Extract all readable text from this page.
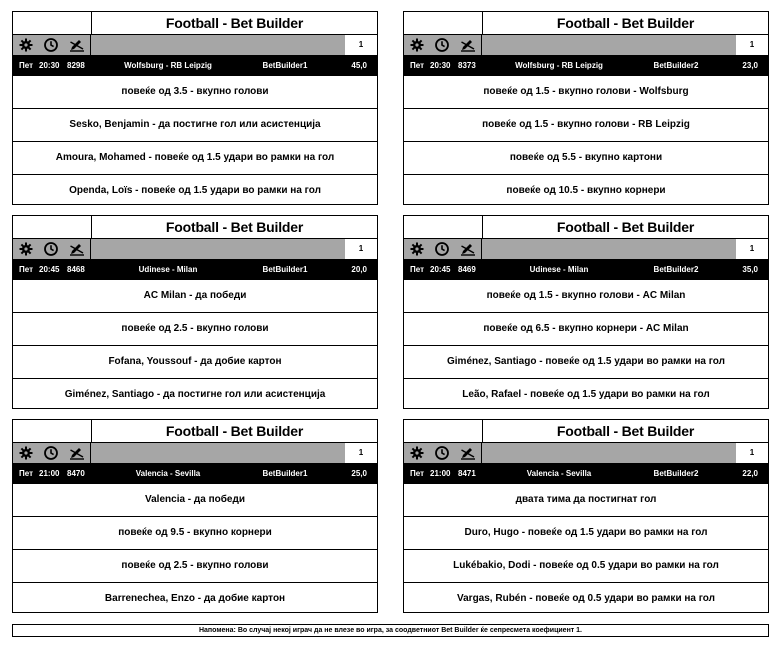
Football - Bet Builder
1
Пет 20:30 8298	Wolfsburg - RB Leipzig	BetBuilder1	45,0
повеќе од 3.5 - вкупно голови
Sesko, Benjamin - да постигне гол или асистенција
Amoura, Mohamed - повеќе од 1.5 удари во рамки на гол
Openda, Loïs - повеќе од 1.5 удари во рамки на гол
Football - Bet Builder
1
Пет 20:30 8373	Wolfsburg - RB Leipzig	BetBuilder2	23,0
повеќе од 1.5 - вкупно голови - Wolfsburg
повеќе од 1.5 - вкупно голови - RB Leipzig
повеќе од 5.5 - вкупно картони
повеќе од 10.5 - вкупно корнери
Football - Bet Builder
1
Пет 20:45 8468	Udinese - Milan	BetBuilder1	20,0
AC Milan - да победи
повеќе од 2.5 - вкупно голови
Fofana, Youssouf - да добие картон
Giménez, Santiago - да постигне гол или асистенција
Football - Bet Builder
1
Пет 20:45 8469	Udinese - Milan	BetBuilder2	35,0
повеќе од 1.5 - вкупно голови - AC Milan
повеќе од 6.5 - вкупно корнери - AC Milan
Giménez, Santiago - повеќе од 1.5 удари во рамки на гол
Leão, Rafael - повеќе од 1.5 удари во рамки на гол
Football - Bet Builder
1
Пет 21:00 8470	Valencia - Sevilla	BetBuilder1	25,0
Valencia - да победи
повеќе од 9.5 - вкупно корнери
повеќе од 2.5 - вкупно голови
Barrenechea, Enzo - да добие картон
Football - Bet Builder
1
Пет 21:00 8471	Valencia - Sevilla	BetBuilder2	22,0
двата тима да постигнат гол
Duro, Hugo - повеќе од 1.5 удари во рамки на гол
Lukébakio, Dodi - повеќе од 0.5 удари во рамки на гол
Vargas, Rubén - повеќе од 0.5 удари во рамки на гол
Напомена: Во случај некој играч да не влезе во игра, за соодветниот Bet Builder ќе сепресмета коефициент 1.
